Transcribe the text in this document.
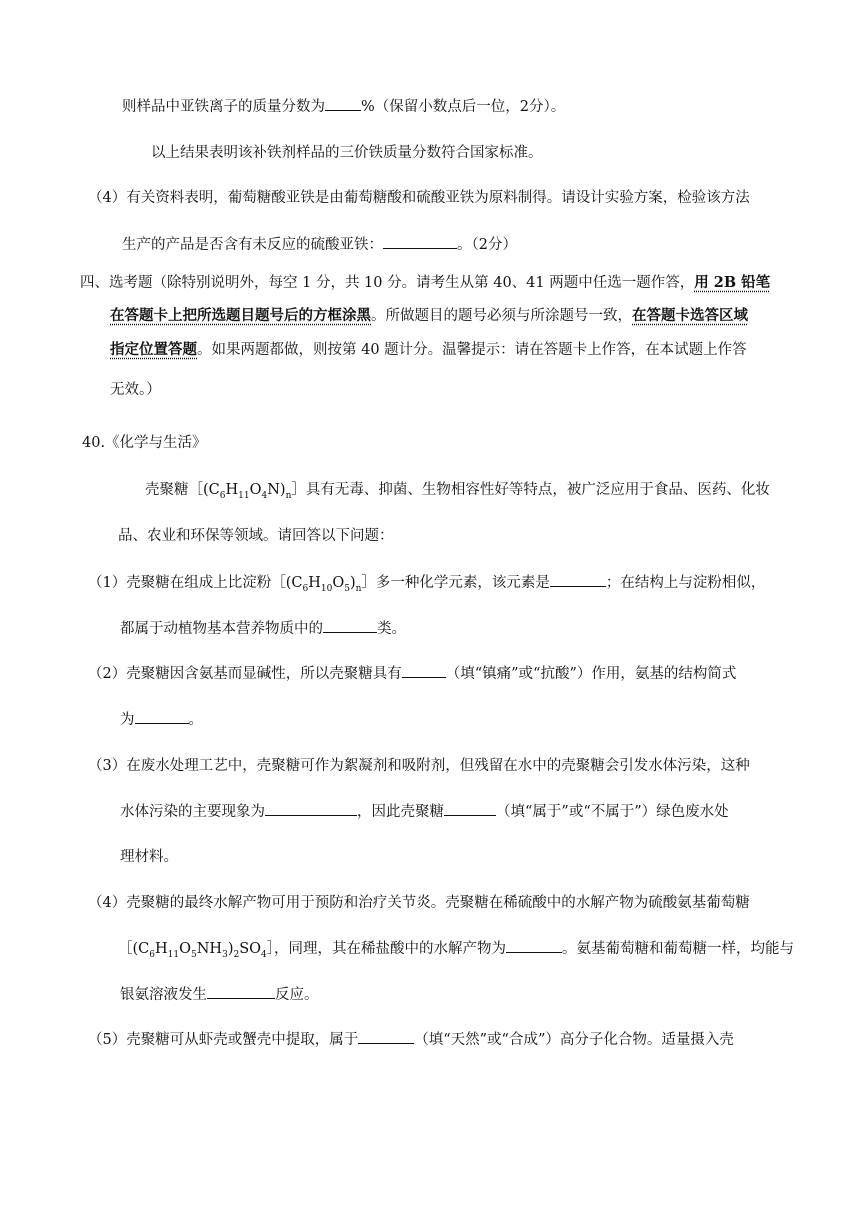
则样品中亚铁离子的质量分数为 %（保留小数点后一位，2分）。
以上结果表明该补铁剂样品的三价铁质量分数符合国家标准。
（4）有关资料表明，葡萄糖酸亚铁是由葡萄糖酸和硫酸亚铁为原料制得。请设计实验方案，检验该方法
生产的产品是否含有未反应的硫酸亚铁：	。（2分）
四、选考题（除特别说明外，每空 1 分，共 10 分。请考生从第 40、41 两题中任选一题作答，用 2B 铅笔
在答题卡上把所选题目题号后的方框涂黑。所做题目的题号必须与所涂题号一致，在答题卡选答区域
指定位置答题。如果两题都做，则按第 40 题计分。温馨提示：请在答题卡上作答，在本试题上作答
无效。）
40.《化学与生活》
壳聚糖$[(C_6H_{11}O_4N)_n]$具有无毒、抑菌、生物相容性好等特点，被广泛应用于食品、医药、化妆
品、农业和环保等领域。请回答以下问题：
（1）壳聚糖在组成上比淀粉$[(C_6H_{10}O_5)_n]$多一种化学元素，该元素是	；在结构上与淀粉相似，
都属于动植物基本营养物质中的	类。
（2）壳聚糖因含氨基而显碱性，所以壳聚糖具有	（填“镇痛”或“抗酸”）作用，氨基的结构简式
为	。
（3）在废水处理工艺中，壳聚糖可作为絮凝剂和吸附剂，但残留在水中的壳聚糖会引发水体污染，这种
水体污染的主要现象为	，因此壳聚糖	（填“属于”或“不属于”）绿色废水处
理材料。
（4）壳聚糖的最终水解产物可用于预防和治疗关节炎。壳聚糖在稀硫酸中的水解产物为硫酸氨基葡萄糖
$[(C_6H_{11}O_5NH_3)_2SO_4]$，同理，其在稀盐酸中的水解产物为	。氨基葡萄糖和葡萄糖一样，均能与
银氨溶液发生	反应。
（5）壳聚糖可从虾壳或蟹壳中提取，属于	（填“天然”或“合成”）高分子化合物。适量摄入壳
